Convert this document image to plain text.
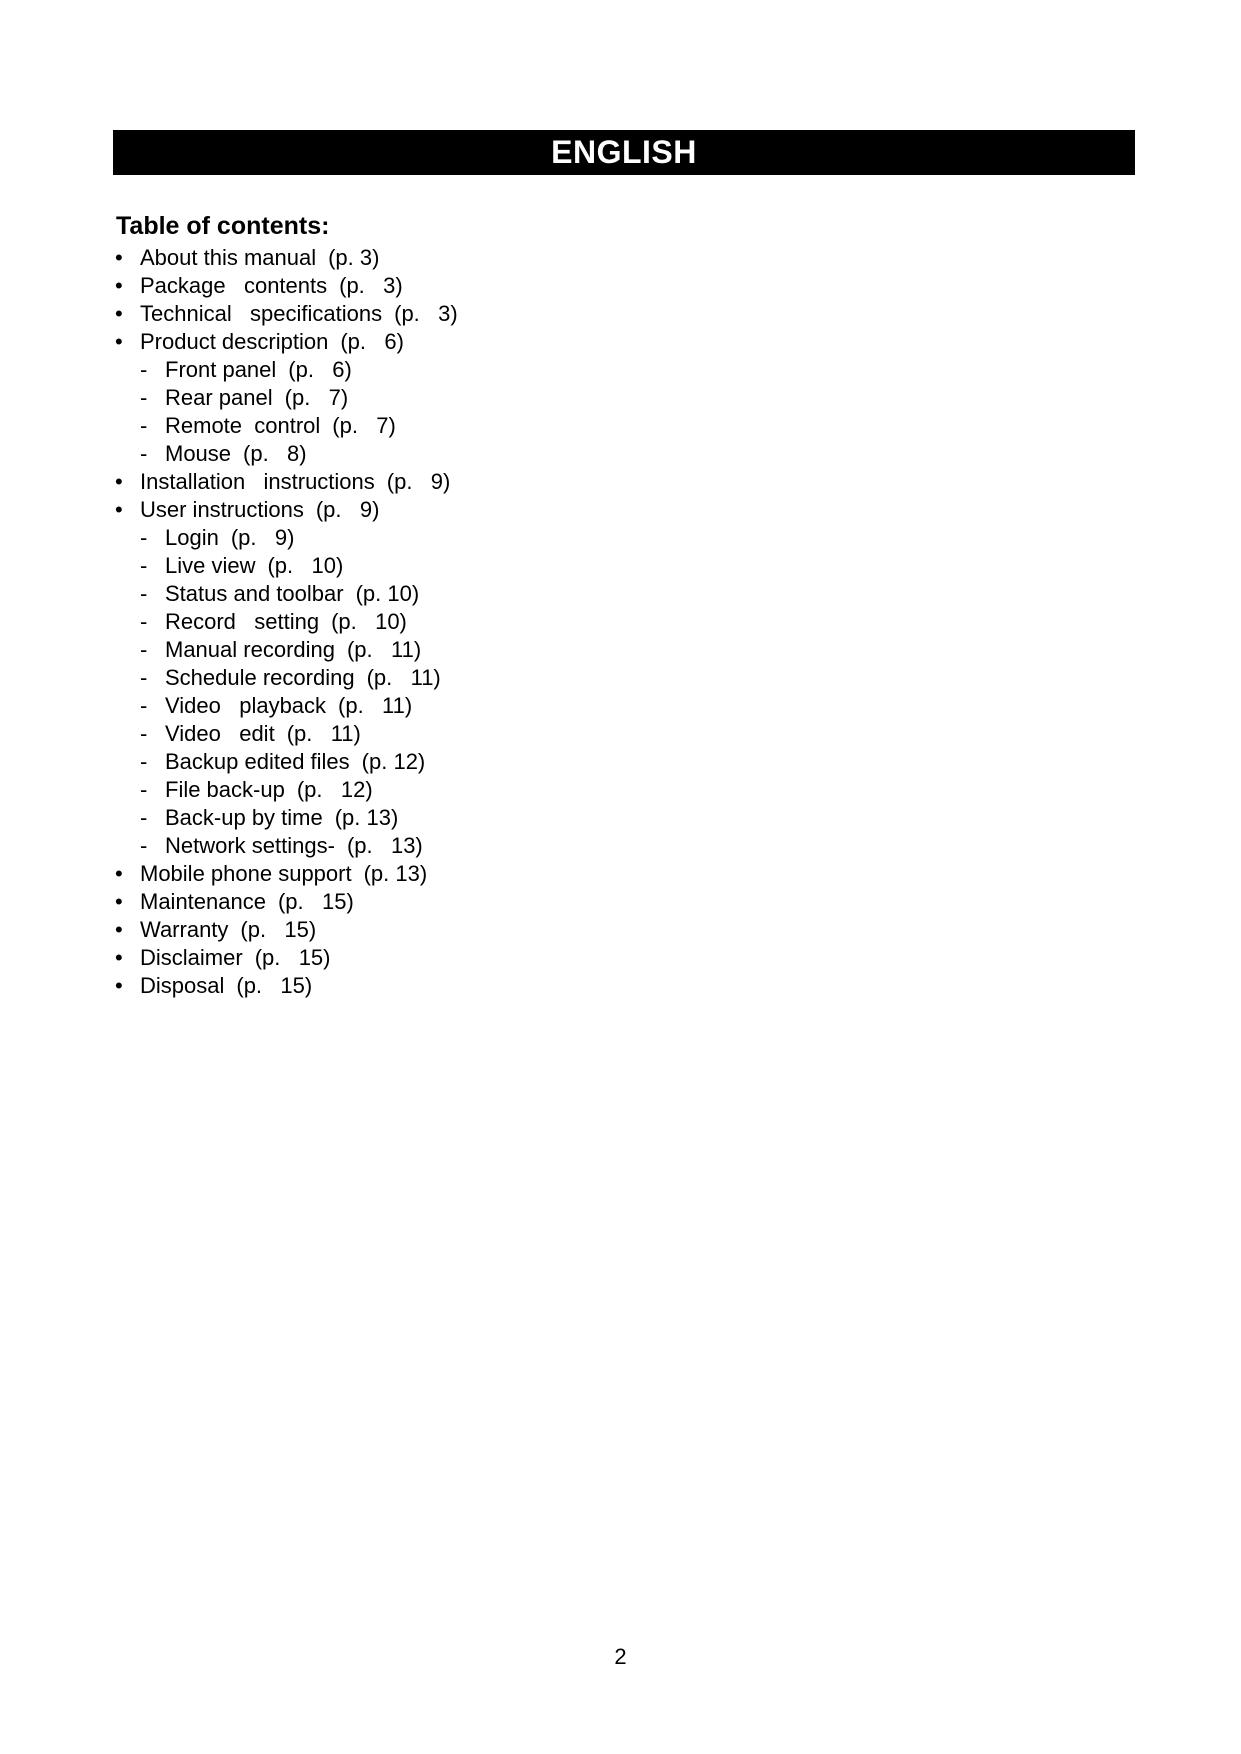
ENGLISH
Table of contents:
• About this manual (p. 3)
• Package   contents (p.   3)
• Technical   specifications (p.   3)
• Product description (p.   6)
- Front panel (p.   6)
- Rear panel (p.   7)
- Remote  control (p.   7)
- Mouse (p.   8)
• Installation   instructions (p.   9)
• User instructions (p.   9)
- Login (p.   9)
- Live view (p.   10)
- Status and toolbar (p. 10)
- Record   setting (p.   10)
- Manual recording (p.   11)
- Schedule recording (p.   11)
- Video   playback (p.   11)
- Video   edit (p.   11)
- Backup edited files (p. 12)
- File back-up (p.   12)
- Back-up by time (p. 13)
- Network settings- (p.   13)
• Mobile phone support (p. 13)
• Maintenance (p.   15)
• Warranty (p.   15)
• Disclaimer (p.   15)
• Disposal (p.   15)
2
